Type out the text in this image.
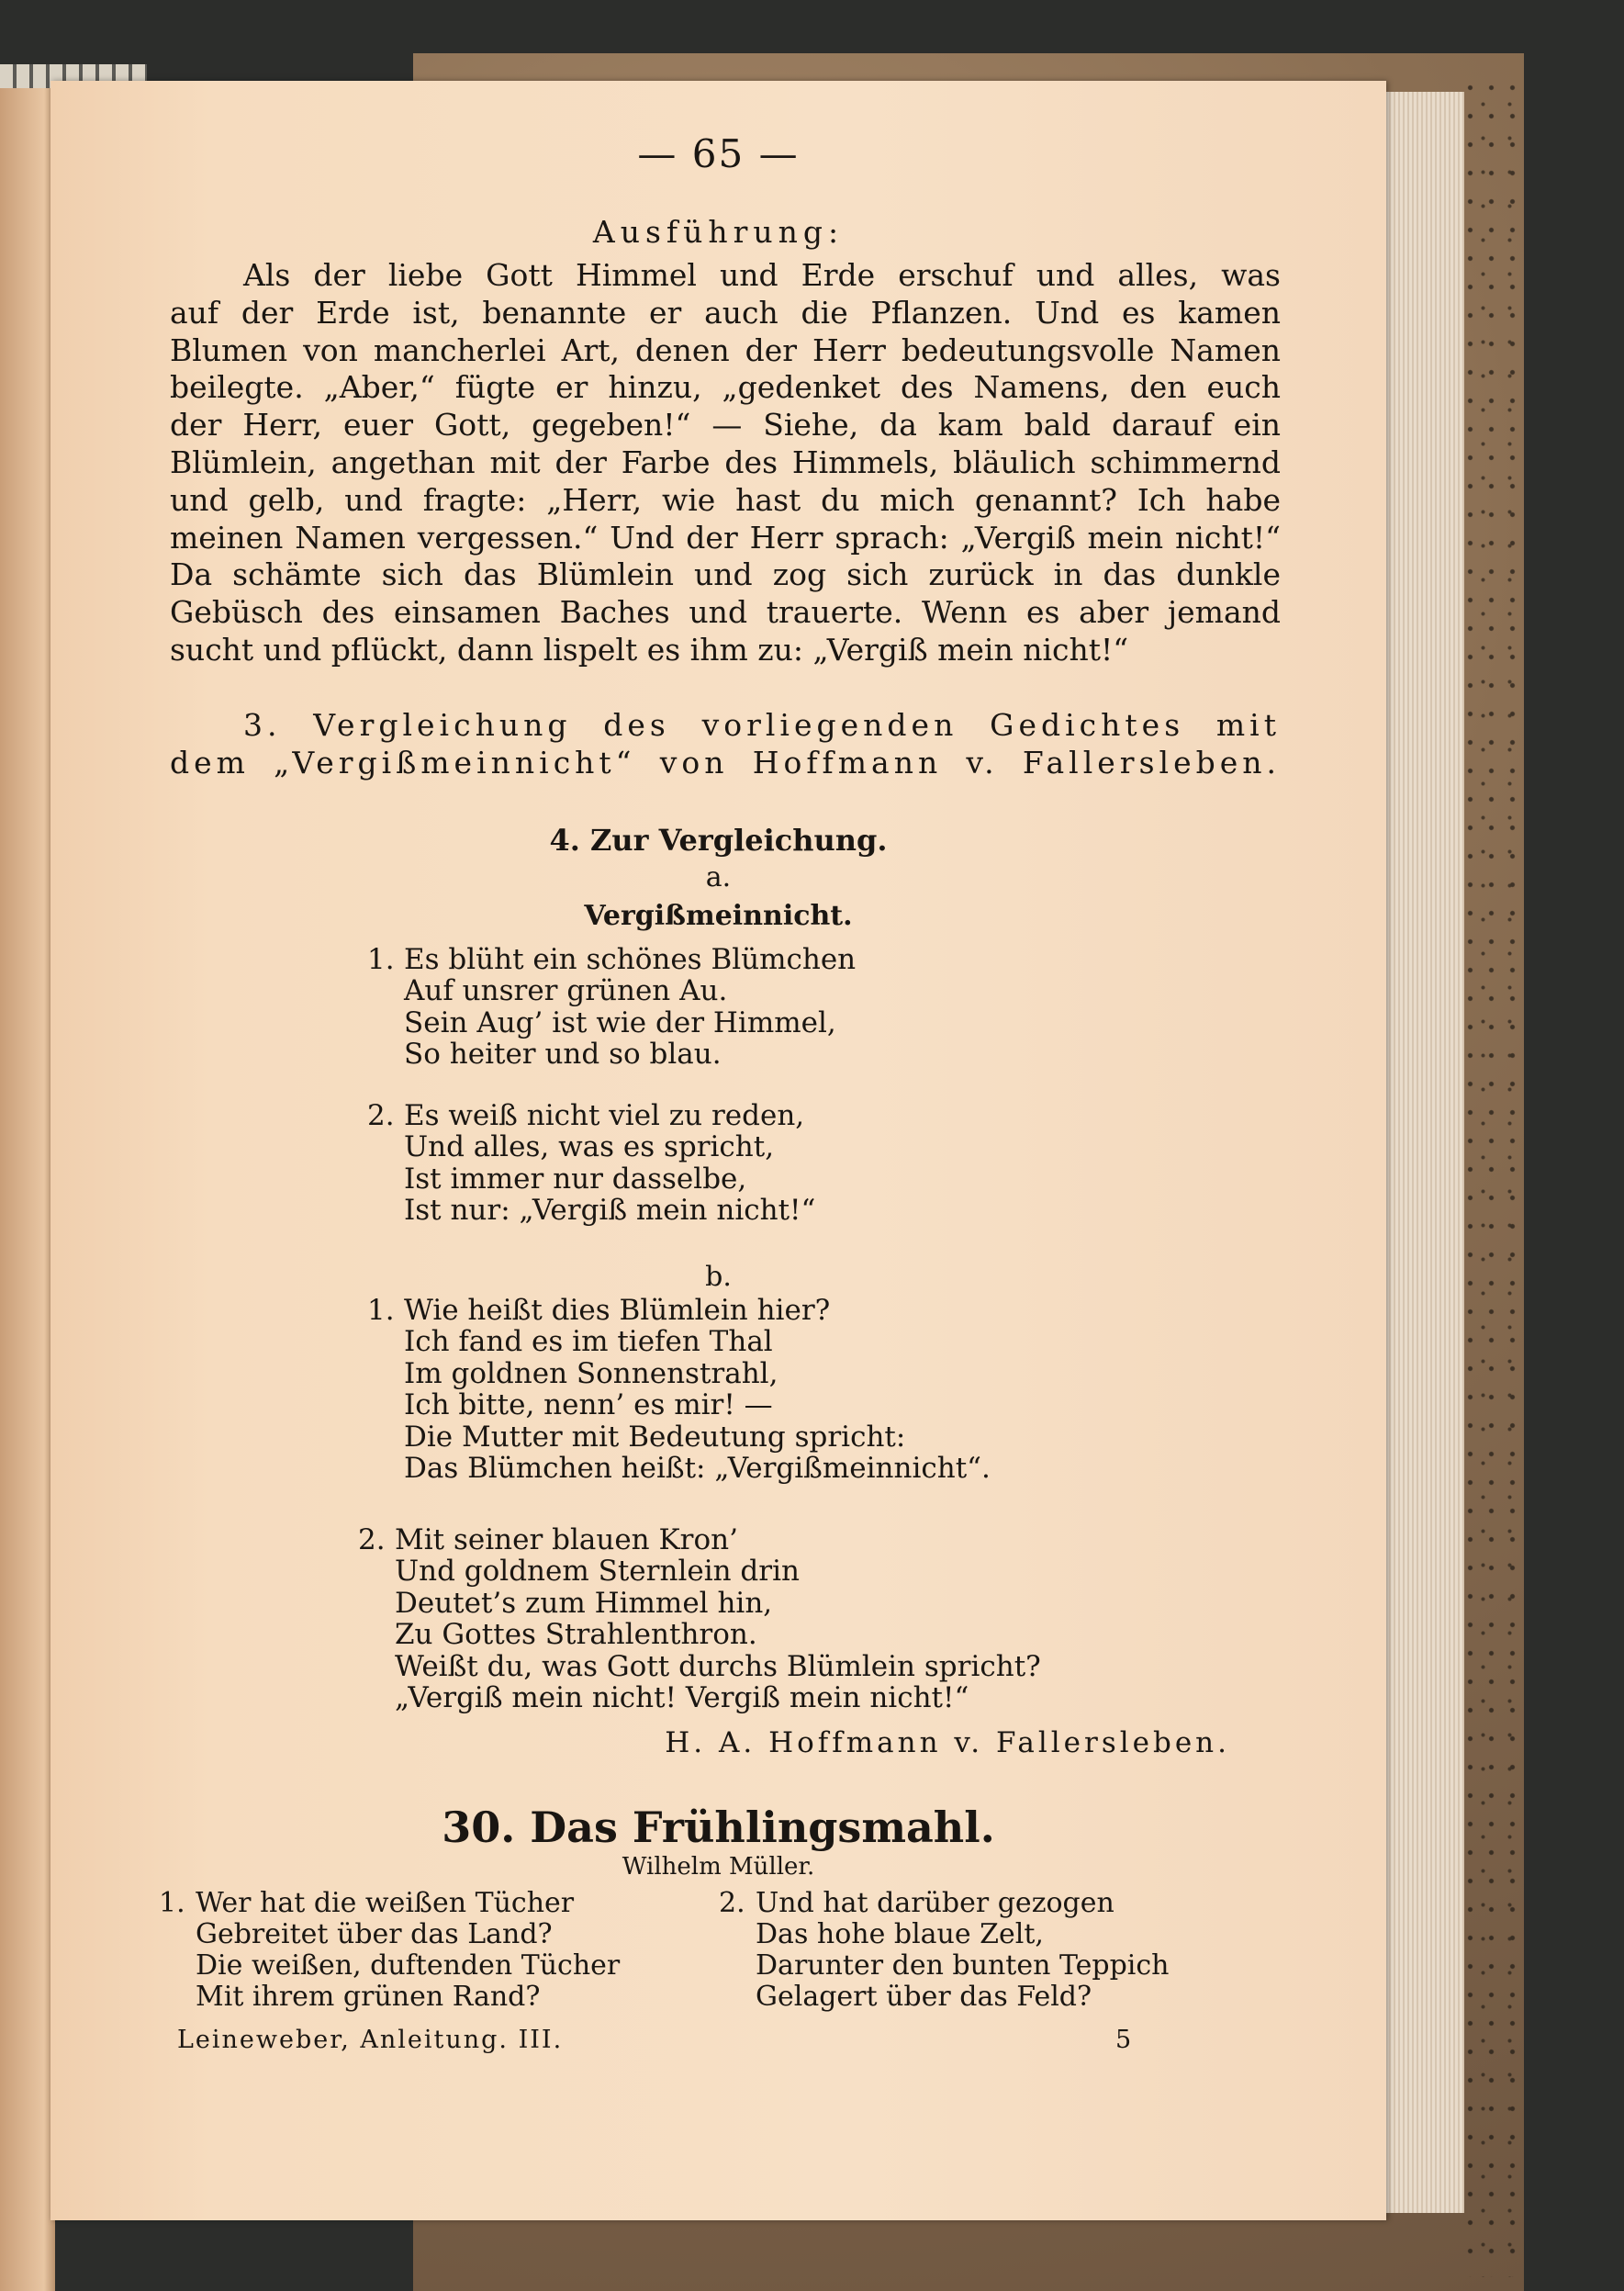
— 65 —
Ausführung:
Als der liebe Gott Himmel und Erde erschuf und alles, was
auf der Erde ist, benannte er auch die Pflanzen. Und es kamen
Blumen von mancherlei Art, denen der Herr bedeutungsvolle Namen
beilegte. „Aber,“ fügte er hinzu, „gedenket des Namens, den euch
der Herr, euer Gott, gegeben!“ — Siehe, da kam bald darauf ein
Blümlein, angethan mit der Farbe des Himmels, bläulich schimmernd
und gelb, und fragte: „Herr, wie hast du mich genannt? Ich habe
meinen Namen vergessen.“ Und der Herr sprach: „Vergiß mein nicht!“
Da schämte sich das Blümlein und zog sich zurück in das dunkle
Gebüsch des einsamen Baches und trauerte. Wenn es aber jemand
sucht und pflückt, dann lispelt es ihm zu: „Vergiß mein nicht!“
3. Vergleichung des vorliegenden Gedichtes mit
dem „Vergißmeinnicht“ von Hoffmann v. Fallersleben.
4. Zur Vergleichung.
a.
Vergißmeinnicht.
1. Es blüht ein schönes Blümchen
Auf unsrer grünen Au.
Sein Aug’ ist wie der Himmel,
So heiter und so blau.
2. Es weiß nicht viel zu reden,
Und alles, was es spricht,
Ist immer nur dasselbe,
Ist nur: „Vergiß mein nicht!“
b.
1. Wie heißt dies Blümlein hier?
Ich fand es im tiefen Thal
Im goldnen Sonnenstrahl,
Ich bitte, nenn’ es mir! —
Die Mutter mit Bedeutung spricht:
Das Blümchen heißt: „Vergißmeinnicht“.
2. Mit seiner blauen Kron’
Und goldnem Sternlein drin
Deutet’s zum Himmel hin,
Zu Gottes Strahlenthron.
Weißt du, was Gott durchs Blümlein spricht?
„Vergiß mein nicht! Vergiß mein nicht!“
H. A. Hoffmann v. Fallersleben.
30. Das Frühlingsmahl.
Wilhelm Müller.
1. Wer hat die weißen Tücher
Gebreitet über das Land?
Die weißen, duftenden Tücher
Mit ihrem grünen Rand?
2. Und hat darüber gezogen
Das hohe blaue Zelt,
Darunter den bunten Teppich
Gelagert über das Feld?
Leineweber, Anleitung. III.	5
